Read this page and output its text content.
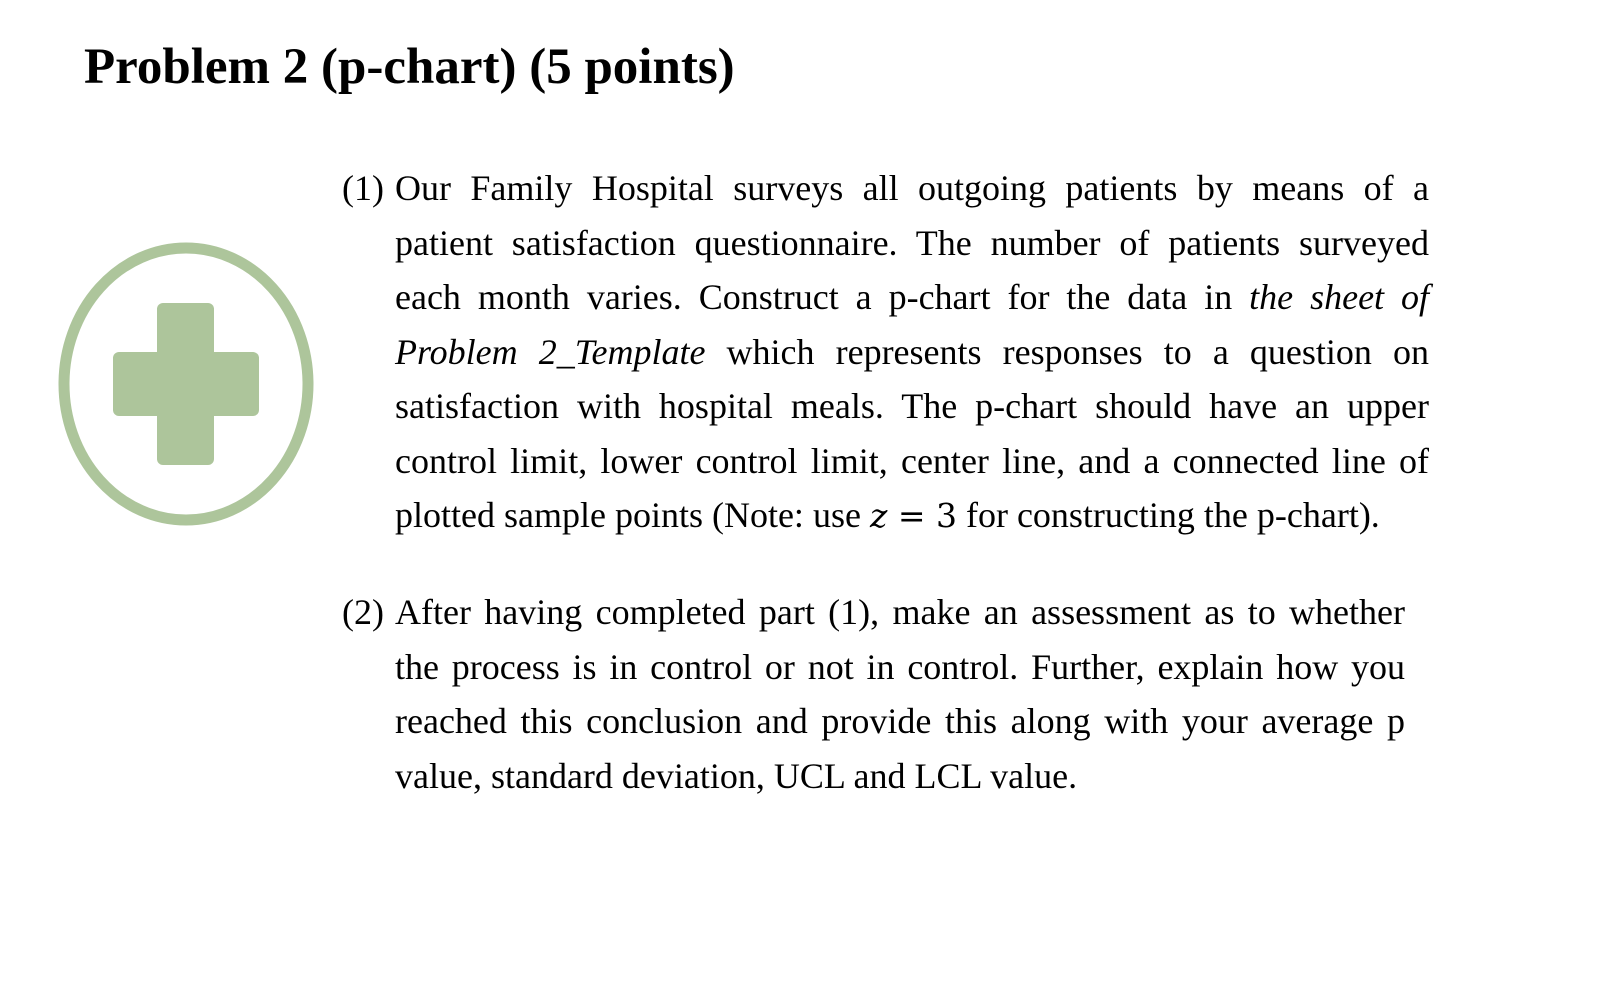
Problem 2 (p-chart) (5 points)
(1) Our Family Hospital surveys all outgoing patients by means of a
patient satisfaction questionnaire. The number of patients surveyed
each month varies. Construct a p-chart for the data in the sheet of
Problem 2_Template which represents responses to a question on
satisfaction with hospital meals. The p-chart should have an upper
control limit, lower control limit, center line, and a connected line of
plotted sample points (Note: use z = 3 for constructing the p-chart).
(2) After having completed part (1), make an assessment as to whether
the process is in control or not in control. Further, explain how you
reached this conclusion and provide this along with your average p
value, standard deviation, UCL and LCL value.
